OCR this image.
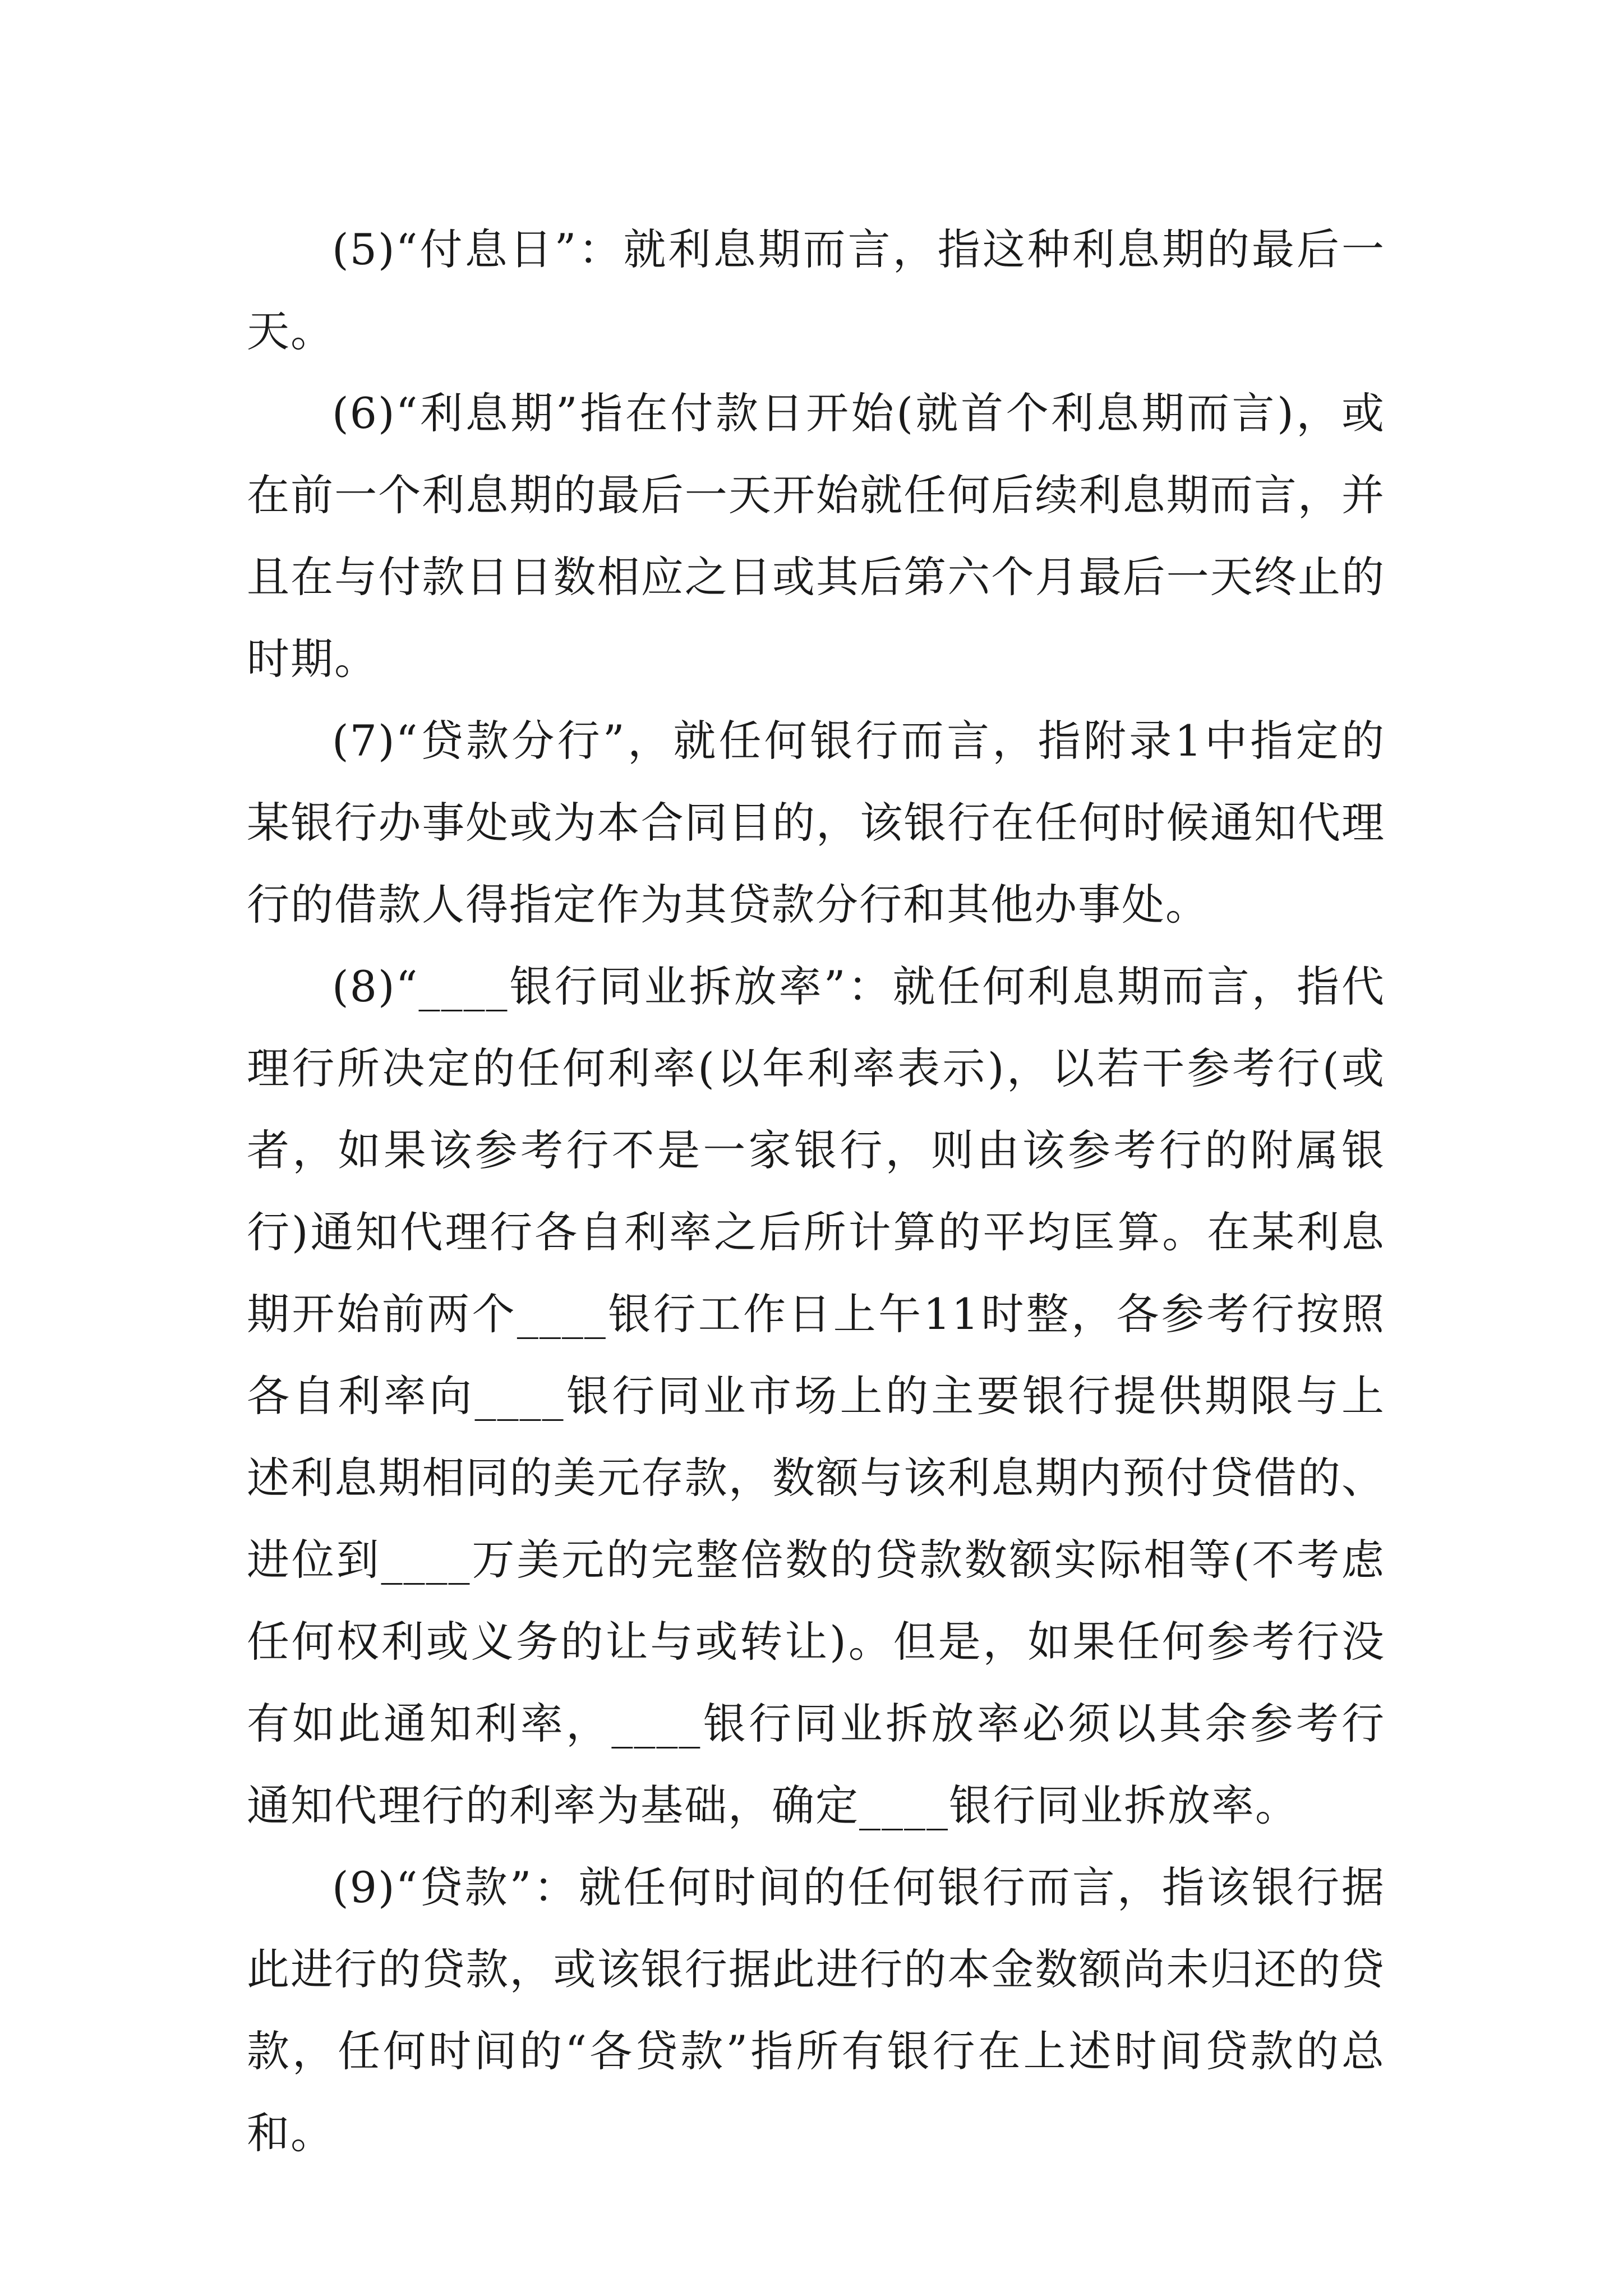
(5)“付息日”：就利息期而言，指这种利息期的最后一天。

(6)“利息期”指在付款日开始(就首个利息期而言)，或在前一个利息期的最后一天开始就任何后续利息期而言，并且在与付款日日数相应之日或其后第六个月最后一天终止的时期。

(7)“贷款分行”，就任何银行而言，指附录1中指定的某银行办事处或为本合同目的，该银行在任何时候通知代理行的借款人得指定作为其贷款分行和其他办事处。

(8)“____银行同业拆放率”：就任何利息期而言，指代理行所决定的任何利率(以年利率表示)，以若干参考行(或者，如果该参考行不是一家银行，则由该参考行的附属银行)通知代理行各自利率之后所计算的平均匡算。在某利息期开始前两个____银行工作日上午11时整，各参考行按照各自利率向____银行同业市场上的主要银行提供期限与上述利息期相同的美元存款，数额与该利息期内预付贷借的、进位到____万美元的完整倍数的贷款数额实际相等(不考虑任何权利或义务的让与或转让)。但是，如果任何参考行没有如此通知利率，____银行同业拆放率必须以其余参考行通知代理行的利率为基础，确定____银行同业拆放率。

(9)“贷款”：就任何时间的任何银行而言，指该银行据此进行的贷款，或该银行据此进行的本金数额尚未归还的贷款，任何时间的“各贷款”指所有银行在上述时间贷款的总和。
